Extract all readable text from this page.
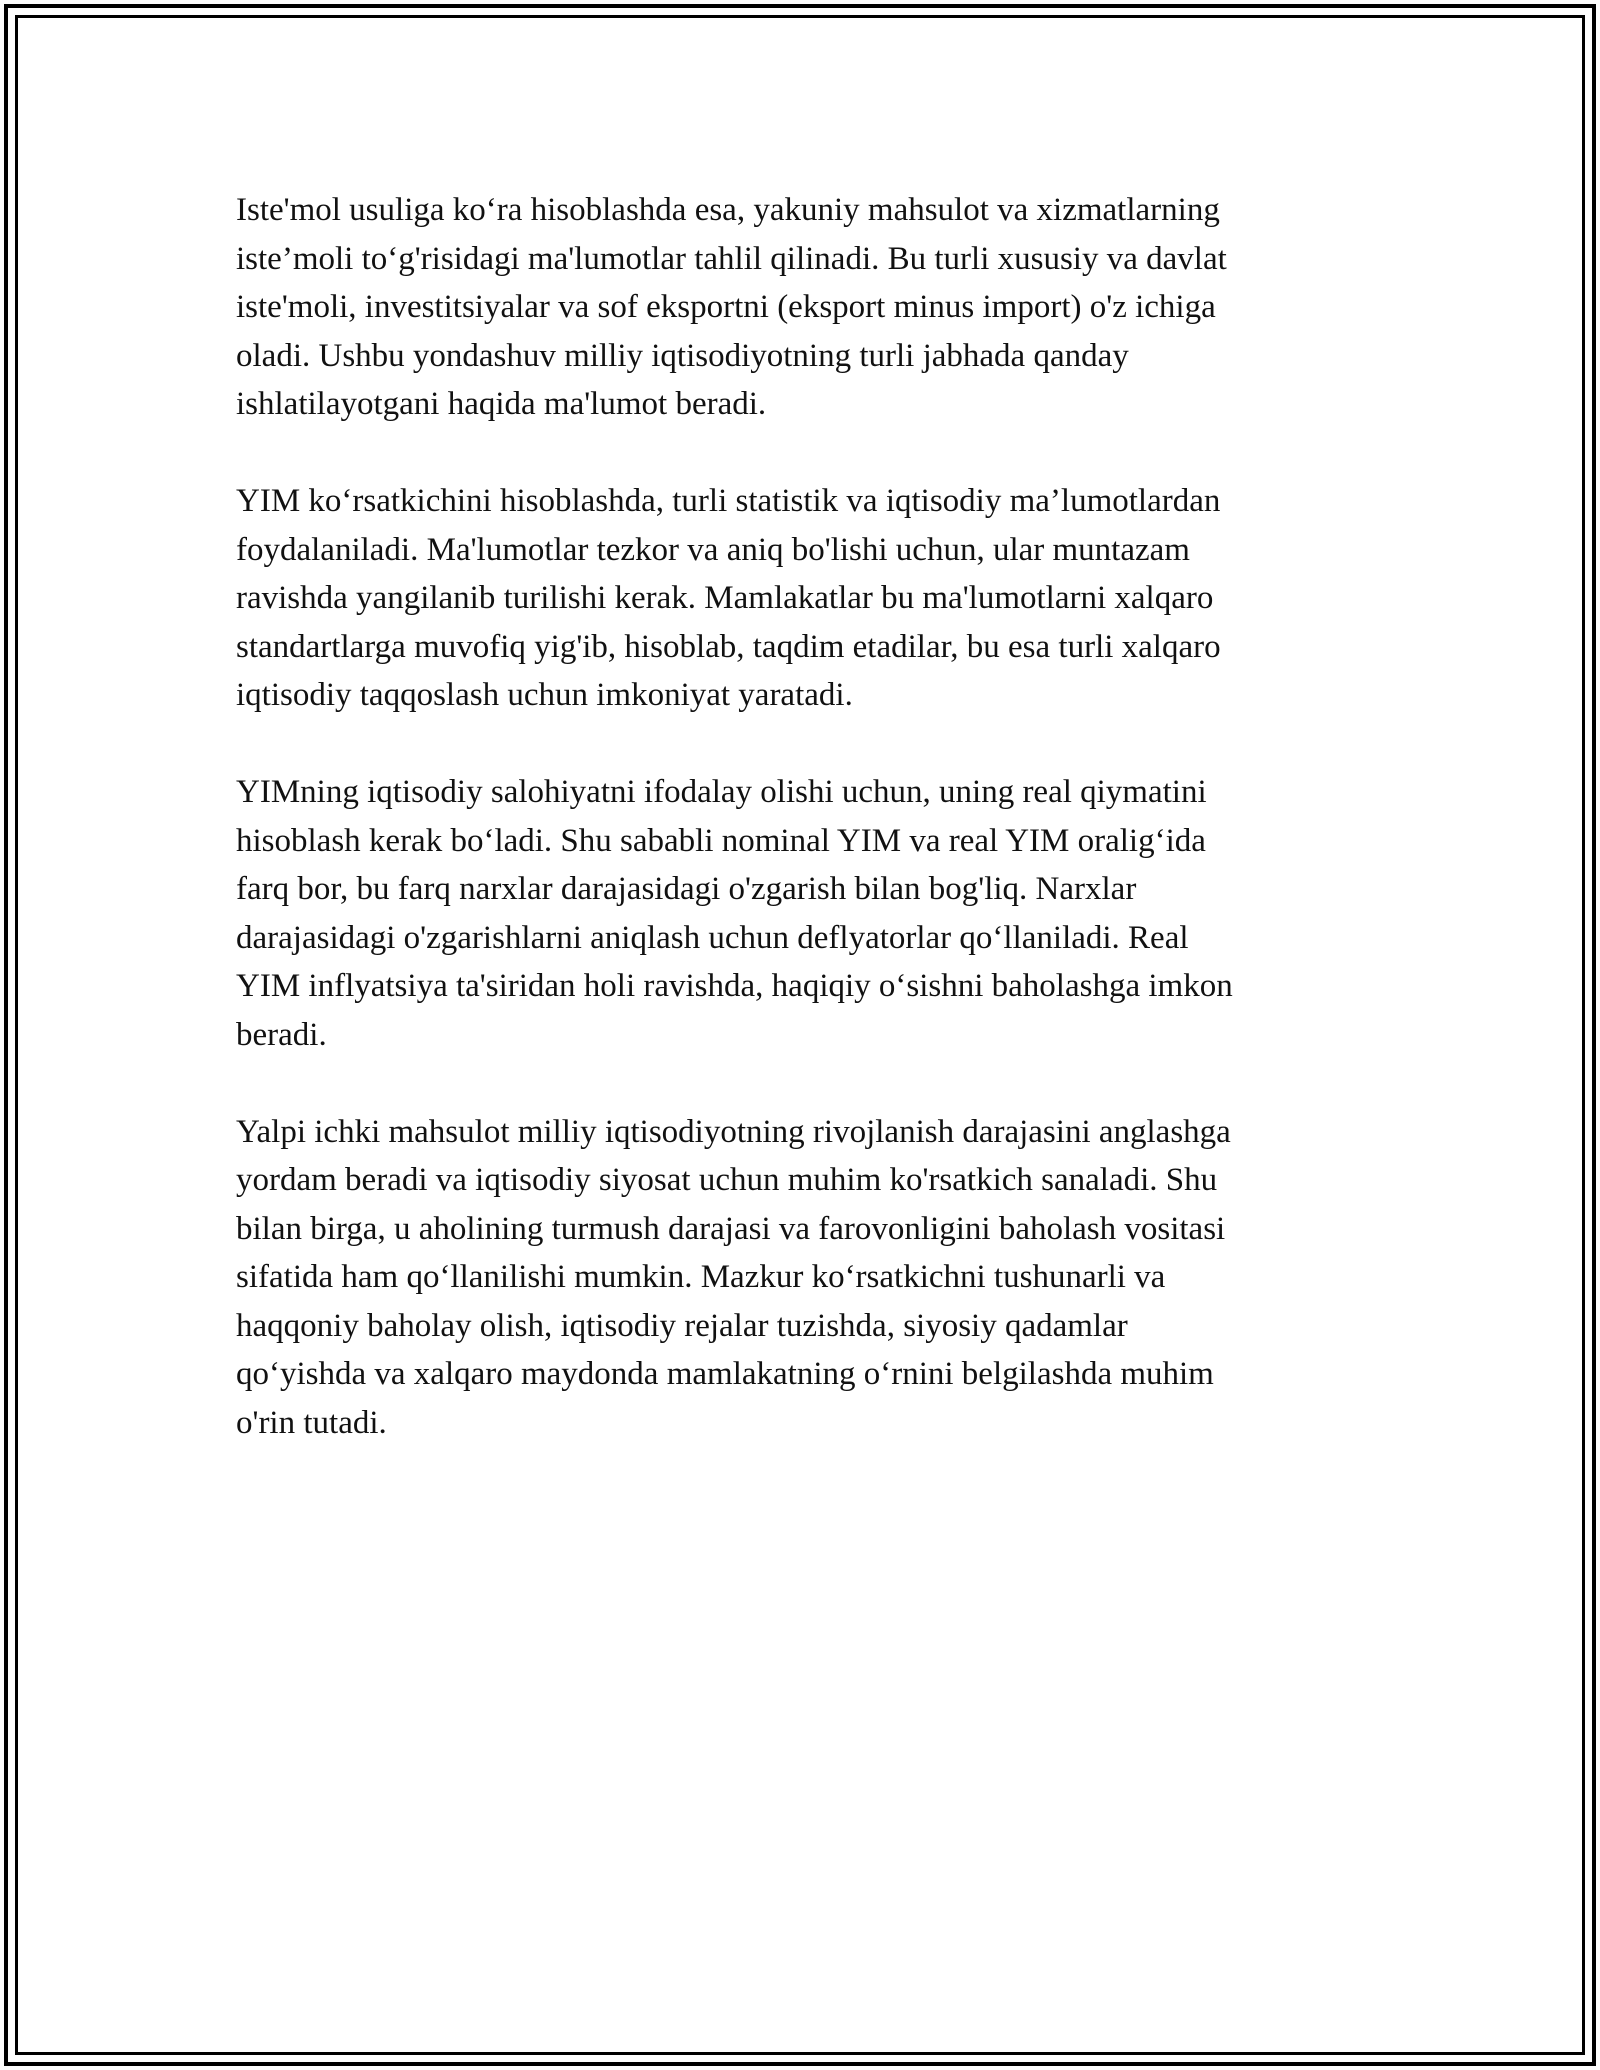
Iste'mol usuliga ko‘ra hisoblashda esa, yakuniy mahsulot va xizmatlarning
iste’moli to‘g'risidagi ma'lumotlar tahlil qilinadi. Bu turli xususiy va davlat
iste'moli, investitsiyalar va sof eksportni (eksport minus import) o'z ichiga
oladi. Ushbu yondashuv milliy iqtisodiyotning turli jabhada qanday
ishlatilayotgani haqida ma'lumot beradi.

YIM ko‘rsatkichini hisoblashda, turli statistik va iqtisodiy ma’lumotlardan
foydalaniladi. Ma'lumotlar tezkor va aniq bo'lishi uchun, ular muntazam
ravishda yangilanib turilishi kerak. Mamlakatlar bu ma'lumotlarni xalqaro
standartlarga muvofiq yig'ib, hisoblab, taqdim etadilar, bu esa turli xalqaro
iqtisodiy taqqoslash uchun imkoniyat yaratadi.

YIMning iqtisodiy salohiyatni ifodalay olishi uchun, uning real qiymatini
hisoblash kerak bo‘ladi. Shu sababli nominal YIM va real YIM oralig‘ida
farq bor, bu farq narxlar darajasidagi o'zgarish bilan bog'liq. Narxlar
darajasidagi o'zgarishlarni aniqlash uchun deflyatorlar qo‘llaniladi. Real
YIM inflyatsiya ta'siridan holi ravishda, haqiqiy o‘sishni baholashga imkon
beradi.

Yalpi ichki mahsulot milliy iqtisodiyotning rivojlanish darajasini anglashga
yordam beradi va iqtisodiy siyosat uchun muhim ko'rsatkich sanaladi. Shu
bilan birga, u aholining turmush darajasi va farovonligini baholash vositasi
sifatida ham qo‘llanilishi mumkin. Mazkur ko‘rsatkichni tushunarli va
haqqoniy baholay olish, iqtisodiy rejalar tuzishda, siyosiy qadamlar
qo‘yishda va xalqaro maydonda mamlakatning o‘rnini belgilashda muhim
o'rin tutadi.
